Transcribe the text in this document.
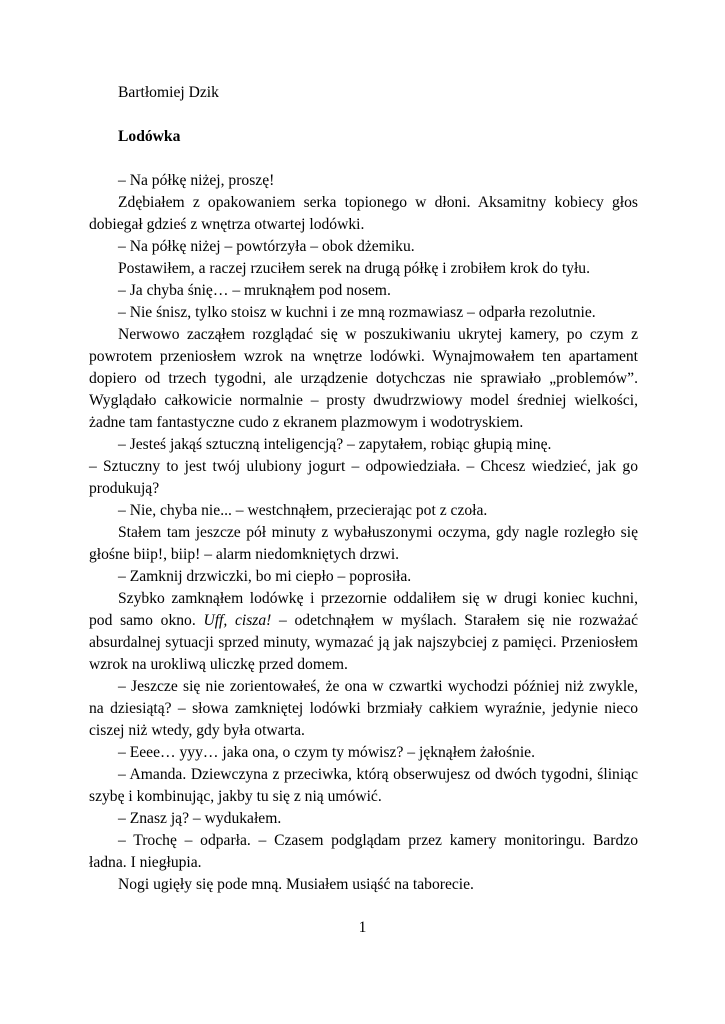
Bartłomiej Dzik

Lodówka

– Na półkę niżej, proszę!

Zdębiałem z opakowaniem serka topionego w dłoni. Aksamitny kobiecy głos dobiegał gdzieś z wnętrza otwartej lodówki.

– Na półkę niżej – powtórzyła – obok dżemiku.

Postawiłem, a raczej rzuciłem serek na drugą półkę i zrobiłem krok do tyłu.

– Ja chyba śnię… – mruknąłem pod nosem.

– Nie śnisz, tylko stoisz w kuchni i ze mną rozmawiasz – odparła rezolutnie.

Nerwowo zacząłem rozglądać się w poszukiwaniu ukrytej kamery, po czym z powrotem przeniosłem wzrok na wnętrze lodówki. Wynajmowałem ten apartament dopiero od trzech tygodni, ale urządzenie dotychczas nie sprawiało „problemów”. Wyglądało całkowicie normalnie – prosty dwudrzwiowy model średniej wielkości, żadne tam fantastyczne cudo z ekranem plazmowym i wodotryskiem.

– Jesteś jakąś sztuczną inteligencją? – zapytałem, robiąc głupią minę.

– Sztuczny to jest twój ulubiony jogurt – odpowiedziała. – Chcesz wiedzieć, jak go produkują?

– Nie, chyba nie... – westchnąłem, przecierając pot z czoła.

Stałem tam jeszcze pół minuty z wybałuszonymi oczyma, gdy nagle rozległo się głośne biip!, biip! – alarm niedomkniętych drzwi.

– Zamknij drzwiczki, bo mi ciepło – poprosiła.

Szybko zamknąłem lodówkę i przezornie oddaliłem się w drugi koniec kuchni, pod samo okno. Uff, cisza! – odetchnąłem w myślach. Starałem się nie rozważać absurdalnej sytuacji sprzed minuty, wymazać ją jak najszybciej z pamięci. Przeniosłem wzrok na urokliwą uliczkę przed domem.

– Jeszcze się nie zorientowałeś, że ona w czwartki wychodzi później niż zwykle, na dziesiątą? – słowa zamkniętej lodówki brzmiały całkiem wyraźnie, jedynie nieco ciszej niż wtedy, gdy była otwarta.

– Eeee… yyy… jaka ona, o czym ty mówisz? – jęknąłem żałośnie.

– Amanda. Dziewczyna z przeciwka, którą obserwujesz od dwóch tygodni, śliniąc szybę i kombinując, jakby tu się z nią umówić.

– Znasz ją? – wydukałem.

– Trochę – odparła. – Czasem podglądam przez kamery monitoringu. Bardzo ładna. I niegłupia.

Nogi ugięły się pode mną. Musiałem usiąść na taborecie.

1
